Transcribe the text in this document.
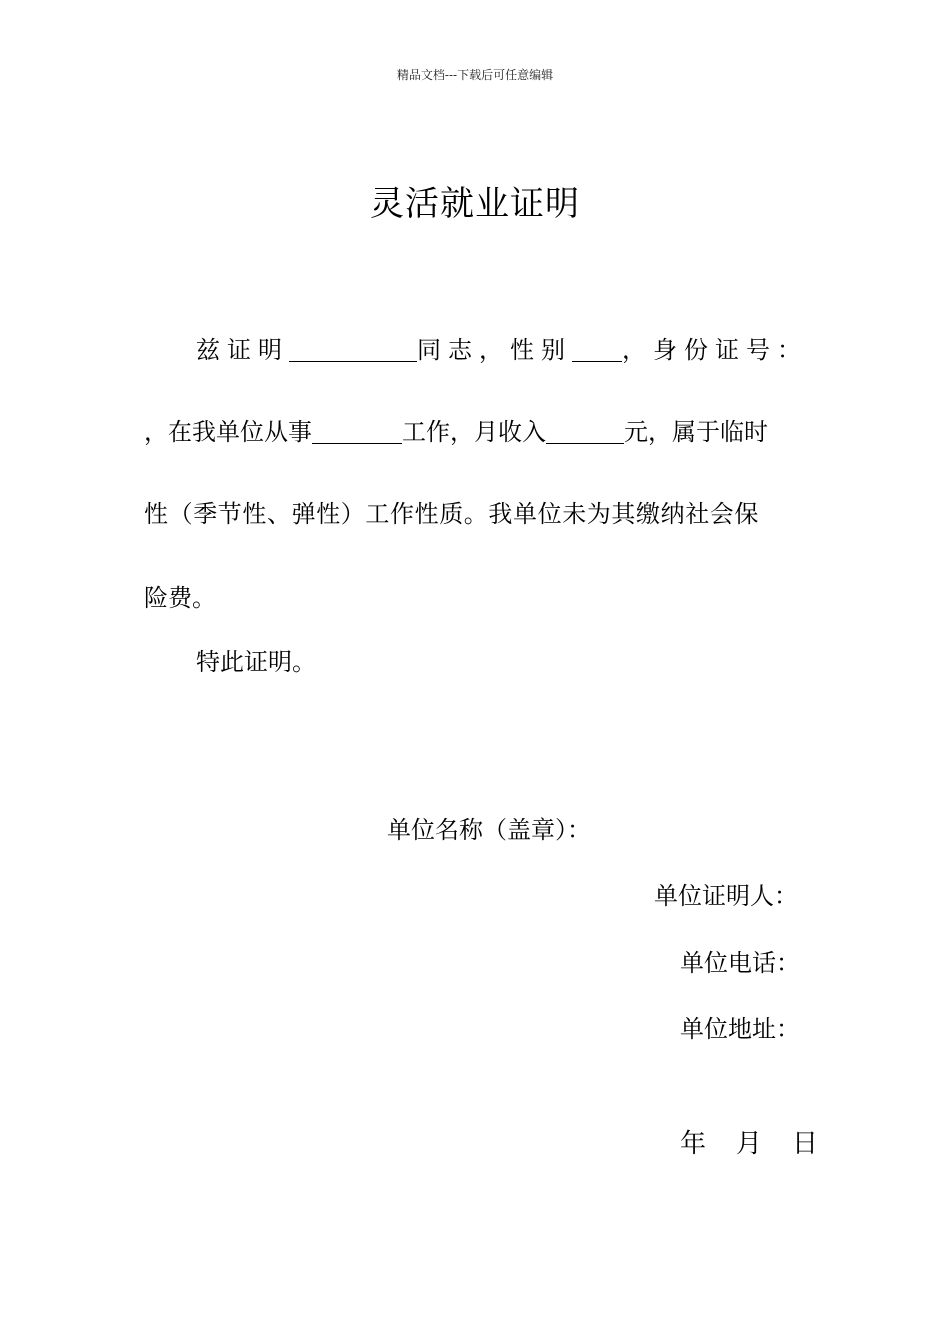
精品文档---下载后可任意编辑
灵活就业证明
兹证明	同志，性别 ，身份证号：
，在我单位从事	工作，月收入	元，属于临时
性（季节性、弹性）工作性质。我单位未为其缴纳社会保
险费。
特此证明。
单位名称（盖章）：
单位证明人：
单位电话：
单位地址：
年 月 日
